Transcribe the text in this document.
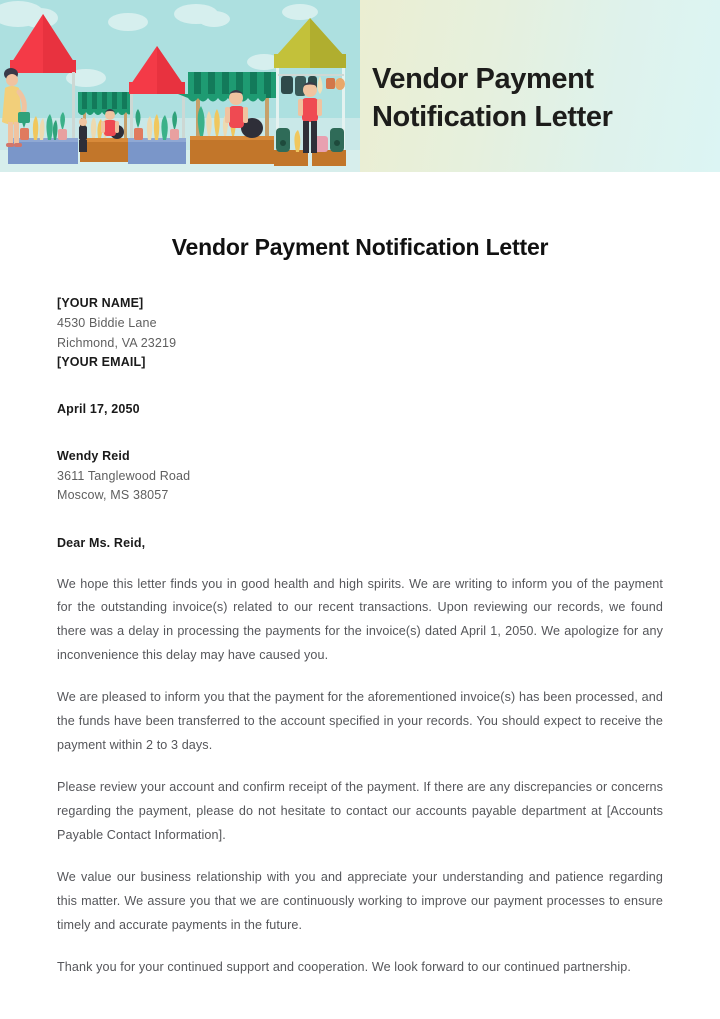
Vendor Payment
Notification Letter
Vendor Payment Notification Letter
[YOUR NAME]
4530 Biddie Lane
Richmond, VA 23219
[YOUR EMAIL]
April 17, 2050
Wendy Reid
3611 Tanglewood Road
Moscow, MS 38057
Dear Ms. Reid,

We hope this letter finds you in good health and high spirits. We are writing to inform you of the payment for the outstanding invoice(s) related to our recent transactions. Upon reviewing our records, we found there was a delay in processing the payments for the invoice(s) dated April 1, 2050. We apologize for any inconvenience this delay may have caused you.

We are pleased to inform you that the payment for the aforementioned invoice(s) has been processed, and the funds have been transferred to the account specified in your records. You should expect to receive the payment within 2 to 3 days.

Please review your account and confirm receipt of the payment. If there are any discrepancies or concerns regarding the payment, please do not hesitate to contact our accounts payable department at [Accounts Payable Contact Information].

We value our business relationship with you and appreciate your understanding and patience regarding this matter. We assure you that we are continuously working to improve our payment processes to ensure timely and accurate payments in the future.

Thank you for your continued support and cooperation. We look forward to our continued partnership.
